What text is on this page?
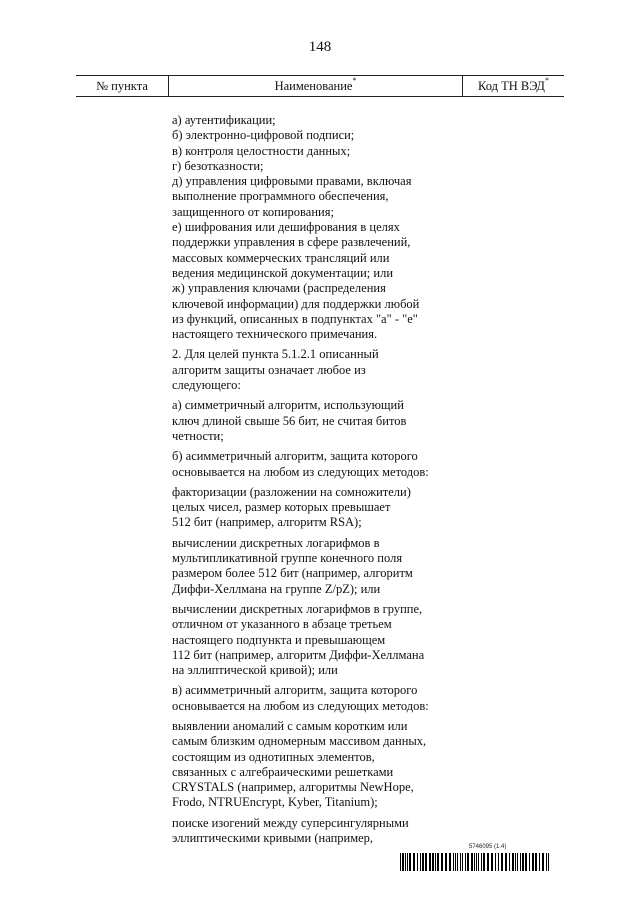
148
№ пункта	Наименование*	Код ТН ВЭД*

а) аутентификации;
б) электронно-цифровой подписи;
в) контроля целостности данных;
г) безотказности;
д) управления цифровыми правами, включая
выполнение программного обеспечения,
защищенного от копирования;
е) шифрования или дешифрования в целях
поддержки управления в сфере развлечений,
массовых коммерческих трансляций или
ведения медицинской документации; или
ж) управления ключами (распределения
ключевой информации) для поддержки любой
из функций, описанных в подпунктах "а" - "е"
настоящего технического примечания.

2. Для целей пункта 5.1.2.1 описанный
алгоритм защиты означает любое из
следующего:

а) симметричный алгоритм, использующий
ключ длиной свыше 56 бит, не считая битов
четности;

б) асимметричный алгоритм, защита которого
основывается на любом из следующих методов:

факторизации (разложении на сомножители)
целых чисел, размер которых превышает
512 бит (например, алгоритм RSA);

вычислении дискретных логарифмов в
мультипликативной группе конечного поля
размером более 512 бит (например, алгоритм
Диффи-Хеллмана на группе Z/pZ); или

вычислении дискретных логарифмов в группе,
отличном от указанного в абзаце третьем
настоящего подпункта и превышающем
112 бит (например, алгоритм Диффи-Хеллмана
на эллиптической кривой); или

в) асимметричный алгоритм, защита которого
основывается на любом из следующих методов:

выявлении аномалий с самым коротким или
самым близким одномерным массивом данных,
состоящим из однотипных элементов,
связанных с алгебраическими решетками
CRYSTALS (например, алгоритмы NewHope,
Frodo, NTRUEncrypt, Kyber, Titanium);

поиске изогений между суперсингулярными
эллиптическими кривыми (например,

5746095 (1.4)
